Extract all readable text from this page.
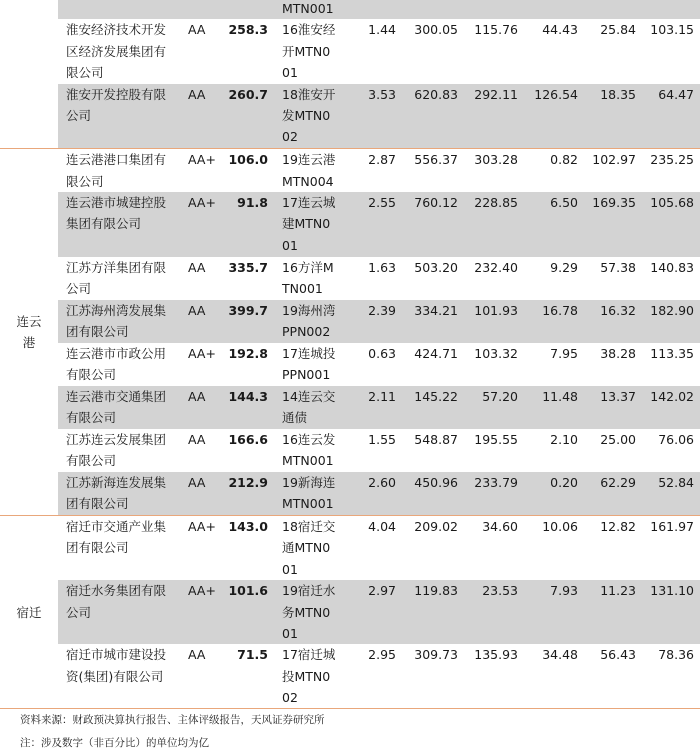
				MTN001						
	淮安经济技术开发区经济发展集团有限公司	AA	258.3	16淮安经开MTN001	1.44	300.05	115.76	44.43	25.84	103.15
	淮安开发控股有限公司	AA	260.7	18淮安开发MTN002	3.53	620.83	292.11	126.54	18.35	64.47
连云港	连云港港口集团有限公司	AA+	106.0	19连云港MTN004	2.87	556.37	303.28	0.82	102.97	235.25
	连云港市城建控股集团有限公司	AA+	91.8	17连云城建MTN001	2.55	760.12	228.85	6.50	169.35	105.68
	江苏方洋集团有限公司	AA	335.7	16方洋MTN001	1.63	503.20	232.40	9.29	57.38	140.83
	江苏海州湾发展集团有限公司	AA	399.7	19海州湾PPN002	2.39	334.21	101.93	16.78	16.32	182.90
	连云港市市政公用有限公司	AA+	192.8	17连城投PPN001	0.63	424.71	103.32	7.95	38.28	113.35
	连云港市交通集团有限公司	AA	144.3	14连云交通债	2.11	145.22	57.20	11.48	13.37	142.02
	江苏连云发展集团有限公司	AA	166.6	16连云发MTN001	1.55	548.87	195.55	2.10	25.00	76.06
	江苏新海连发展集团有限公司	AA	212.9	19新海连MTN001	2.60	450.96	233.79	0.20	62.29	52.84
宿迁	宿迁市交通产业集团有限公司	AA+	143.0	18宿迁交通MTN001	4.04	209.02	34.60	10.06	12.82	161.97
	宿迁水务集团有限公司	AA+	101.6	19宿迁水务MTN001	2.97	119.83	23.53	7.93	11.23	131.10
	宿迁市城市建设投资(集团)有限公司	AA	71.5	17宿迁城投MTN002	2.95	309.73	135.93	34.48	56.43	78.36
资料来源：财政预决算执行报告、主体评级报告，天风证券研究所
注：涉及数字（非百分比）的单位均为亿
